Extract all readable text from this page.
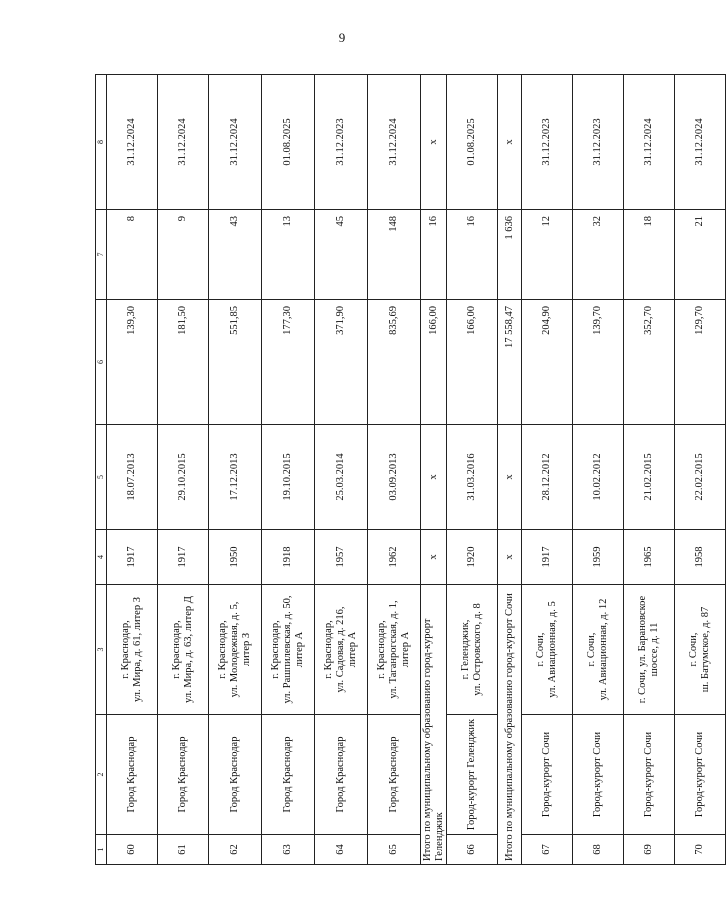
9
1	2	3	4	5	6	7	8
60	Город Краснодар	г. Краснодар, ул. Мира, д. 61, литер З	1917	18.07.2013	139,30	8	31.12.2024
61	Город Краснодар	г. Краснодар, ул. Мира, д. 63, литер Д	1917	29.10.2015	181,50	9	31.12.2024
62	Город Краснодар	г. Краснодар, ул. Молодежная, д. 5, литер З	1950	17.12.2013	551,85	43	31.12.2024
63	Город Краснодар	г. Краснодар, ул. Рашпилевская, д. 50, литер А	1918	19.10.2015	177,30	13	01.08.2025
64	Город Краснодар	г. Краснодар, ул. Садовая, д. 216, литер А	1957	25.03.2014	371,90	45	31.12.2023
65	Город Краснодар	г. Краснодар, ул. Таганрогская, д. 1, литер А	1962	03.09.2013	835,69	148	31.12.2024
Итого по муниципальному образованию город-курорт Геленджик			x	x	166,00	16	x
66	Город-курорт Геленджик	г. Геленджик, ул. Островского, д. 8	1920	31.03.2016	166,00	16	01.08.2025
Итого по муниципальному образованию город-курорт Сочи			x	x	17 558,47	1 636	x
67	Город-курорт Сочи	г. Сочи, ул. Авиационная, д. 5	1917	28.12.2012	204,90	12	31.12.2023
68	Город-курорт Сочи	г. Сочи, ул. Авиационная, д. 12	1959	10.02.2012	139,70	32	31.12.2023
69	Город-курорт Сочи	г. Сочи, ул. Барановское шоссе, д. 11	1965	21.02.2015	352,70	18	31.12.2024
70	Город-курорт Сочи	г. Сочи, ш. Батумское, д. 87	1958	22.02.2015	129,70	21	31.12.2024
